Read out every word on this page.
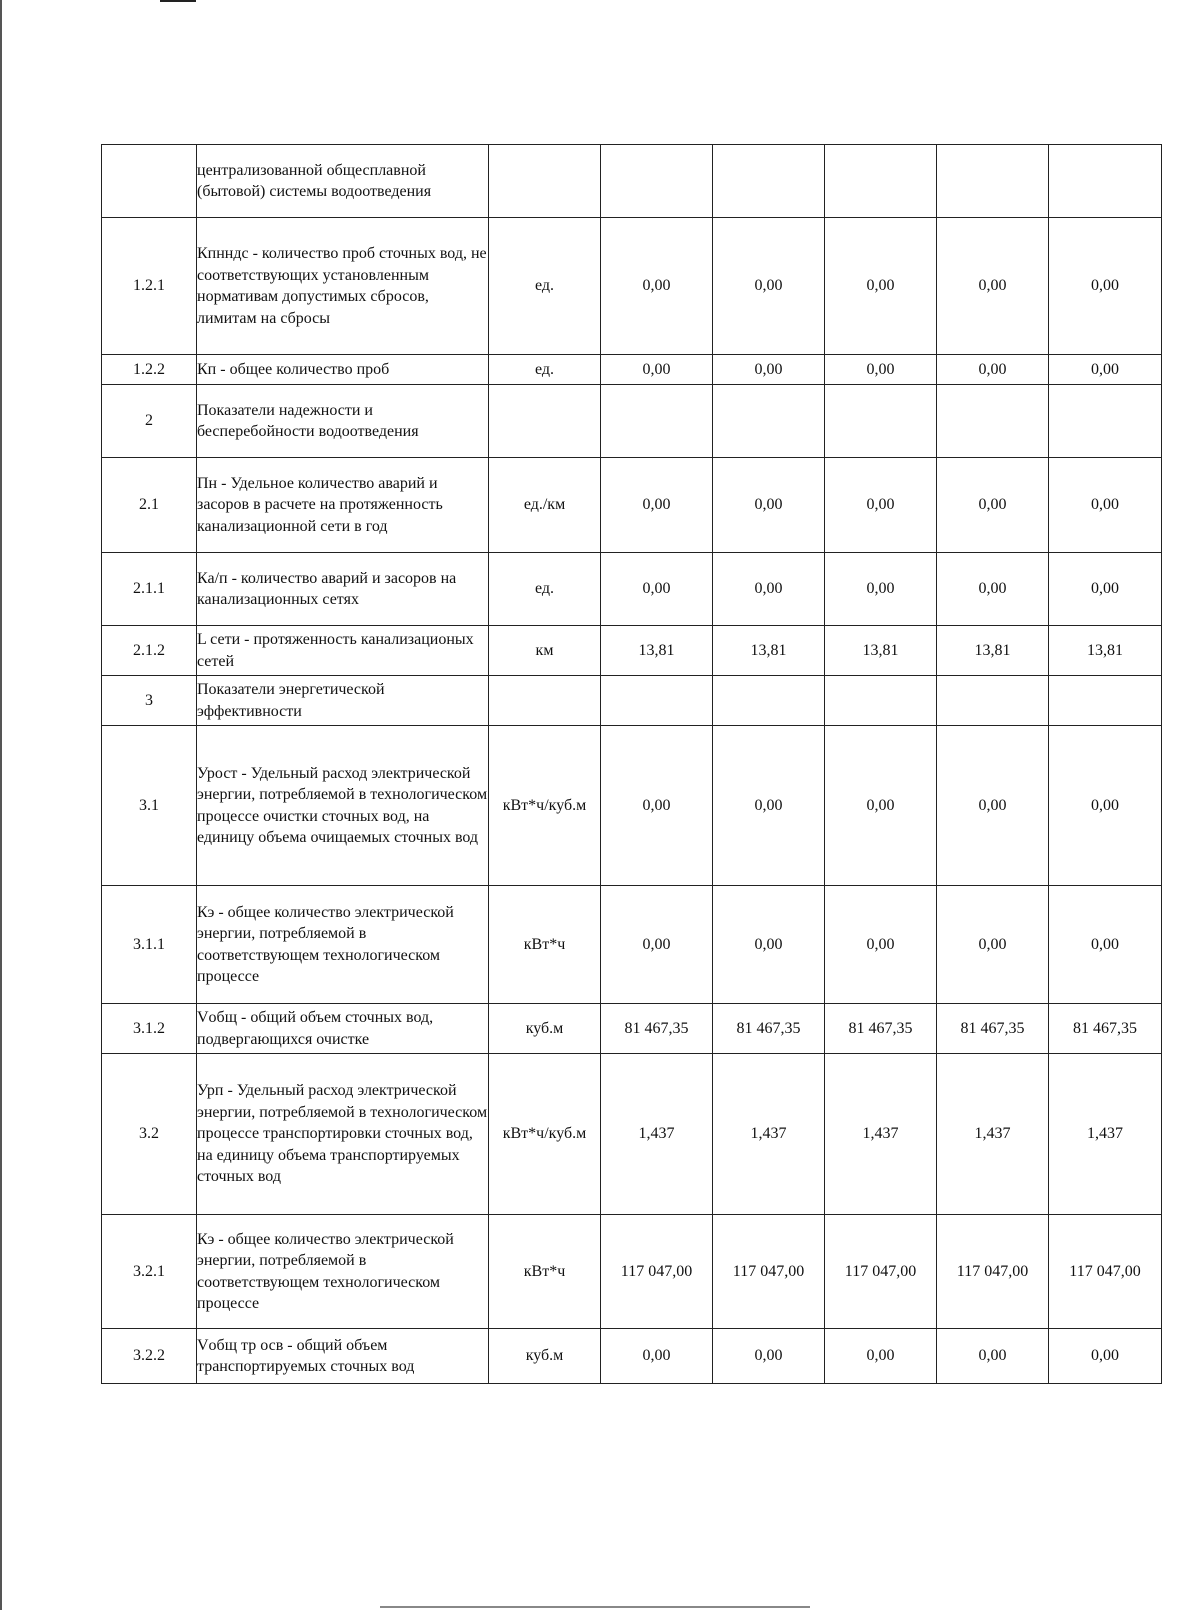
	централизованной общесплавной (бытовой) системы водоотведения						
1.2.1	Кпнндс - количество проб сточных вод, не соответствующих установленным нормативам допустимых сбросов, лимитам на сбросы	ед.	0,00	0,00	0,00	0,00	0,00
1.2.2	Кп - общее количество проб	ед.	0,00	0,00	0,00	0,00	0,00
2	Показатели надежности и бесперебойности водоотведения						
2.1	Пн - Удельное количество аварий и засоров в расчете на протяженность канализационной сети в год	ед./км	0,00	0,00	0,00	0,00	0,00
2.1.1	Ка/п - количество аварий и засоров на канализационных сетях	ед.	0,00	0,00	0,00	0,00	0,00
2.1.2	L сети - протяженность канализационых сетей	км	13,81	13,81	13,81	13,81	13,81
3	Показатели энергетической эффективности						
3.1	Урост - Удельный расход электрической энергии, потребляемой в технологическом процессе очистки сточных вод, на единицу объема очищаемых сточных вод	кВт*ч/куб.м	0,00	0,00	0,00	0,00	0,00
3.1.1	Кэ - общее количество электрической энергии, потребляемой в соответствующем технологическом процессе	кВт*ч	0,00	0,00	0,00	0,00	0,00
3.1.2	Vобщ - общий объем сточных вод, подвергающихся очистке	куб.м	81 467,35	81 467,35	81 467,35	81 467,35	81 467,35
3.2	Урп - Удельный расход электрической энергии, потребляемой в технологическом процессе транспортировки сточных вод, на единицу объема транспортируемых сточных вод	кВт*ч/куб.м	1,437	1,437	1,437	1,437	1,437
3.2.1	Кэ - общее количество электрической энергии, потребляемой в соответствующем технологическом процессе	кВт*ч	117 047,00	117 047,00	117 047,00	117 047,00	117 047,00
3.2.2	Vобщ тр осв - общий объем транспортируемых сточных вод	куб.м	0,00	0,00	0,00	0,00	0,00
